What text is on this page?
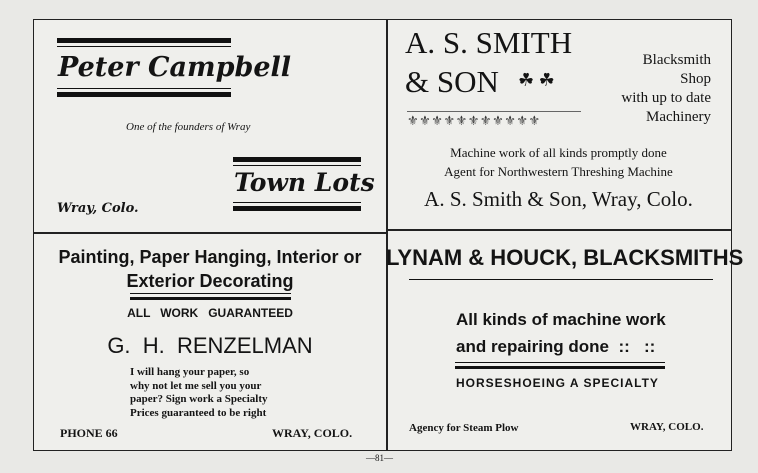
Peter Campbell
One of the founders of Wray
Town Lots
Wray, Colo.
A. S. SMITH
& SON ☘ ☘
Blacksmith
Shop
with up to date
Machinery
⚜⚜⚜⚜⚜⚜⚜⚜⚜⚜⚜
Machine work of all kinds promptly done
Agent for Northwestern Threshing Machine
A. S. Smith & Son, Wray, Colo.
Painting, Paper Hanging, Interior or
Exterior Decorating
ALL   WORK   GUARANTEED
G.  H.  RENZELMAN
I will hang your paper, so
why not let me sell you your
paper? Sign work a Specialty
Prices guaranteed to be right
PHONE 66	WRAY, COLO.
LYNAM & HOUCK, BLACKSMITHS
All kinds of machine work
and repairing done  ::   ::
HORSESHOEING A SPECIALTY
Agency for Steam Plow	WRAY, COLO.
—81—
